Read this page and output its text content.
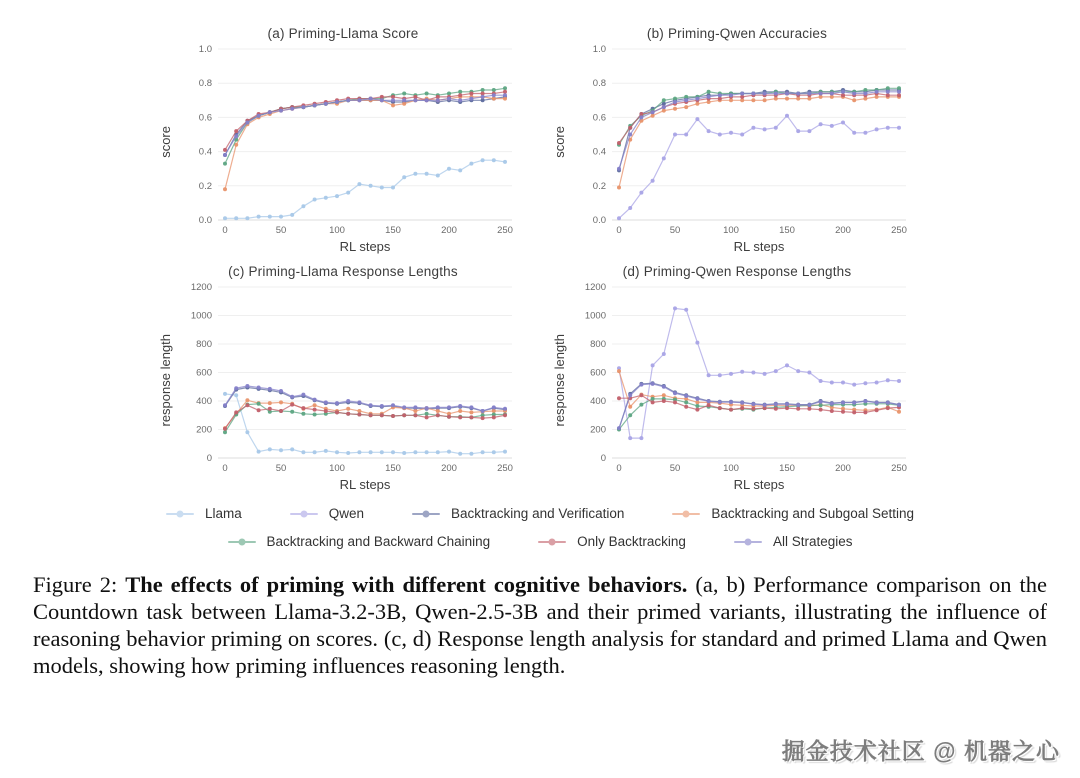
(a) Priming-Llama Score
score
0.0
0.2
0.4
0.6
0.8
1.0
0	50	100	150	200	250
RL steps
(b) Priming-Qwen Accuracies
score
0.0
0.2
0.4
0.6
0.8
1.0
0	50	100	150	200	250
RL steps
(c) Priming-Llama Response Lengths
response length
0
200
400
600
800
1000
1200
0	50	100	150	200	250
RL steps
(d) Priming-Qwen Response Lengths
response length
0
200
400
600
800
1000
1200
0	50	100	150	200	250
RL steps
Llama	Qwen	Backtracking and Verification	Backtracking and Subgoal Setting
Backtracking and Backward Chaining	Only Backtracking	All Strategies
Figure 2: The effects of priming with different cognitive behaviors. (a, b) Performance comparison on the Countdown task between Llama-3.2-3B, Qwen-2.5-3B and their primed variants, illustrating the influence of reasoning behavior priming on scores. (c, d) Response length analysis for standard and primed Llama and Qwen models, showing how priming influences reasoning length.
掘金技术社区 @ 机器之心
